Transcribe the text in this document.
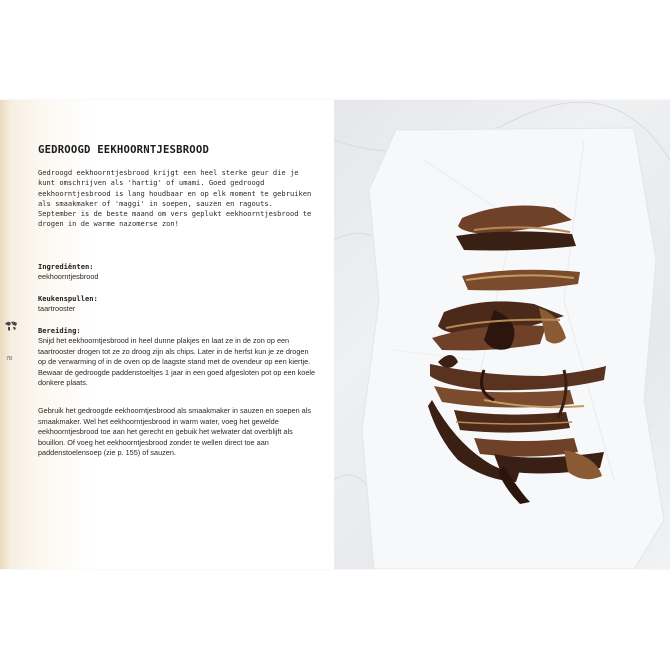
GEDROOGD EEKHOORNTJESBROOD

Gedroogd eekhoorntjesbrood krijgt een heel sterke geur die je kunt omschrijven als 'hartig' of umami. Goed gedroogd eekhoorntjesbrood is lang houdbaar en op elk moment te gebruiken als smaakmaker of 'maggi' in soepen, sauzen en ragouts. September is de beste maand om vers geplukt eekhoorntjesbrood te drogen in de warme nazomerse zon!

Ingrediënten:

eekhoorntjesbrood

Keukenspullen:

taartrooster

Bereiding:

Snijd het eekhoorntjesbrood in heel dunne plakjes en laat ze in de zon op een taartrooster drogen tot ze zo droog zijn als chips. Later in de herfst kun je ze drogen op de verwarming of in de oven op de laagste stand met de ovendeur op een kiertje. Bewaar de gedroogde paddenstoeltjes 1 jaar in een goed afgesloten pot op een koele donkere plaats.

Gebruik het gedroogde eekhoorntjesbrood als smaakmaker in sauzen en soepen als smaakmaker. Wel het eekhoorntjesbrood in warm water, voeg het gewelde eekhoorntjesbrood toe aan het gerecht en gebuik het welwater dat overblijft als bouillon. Of voeg het eekhoorntjesbrood zonder te wellen direct toe aan paddenstoelensoep (zie p. 155) of sauzen.

78
